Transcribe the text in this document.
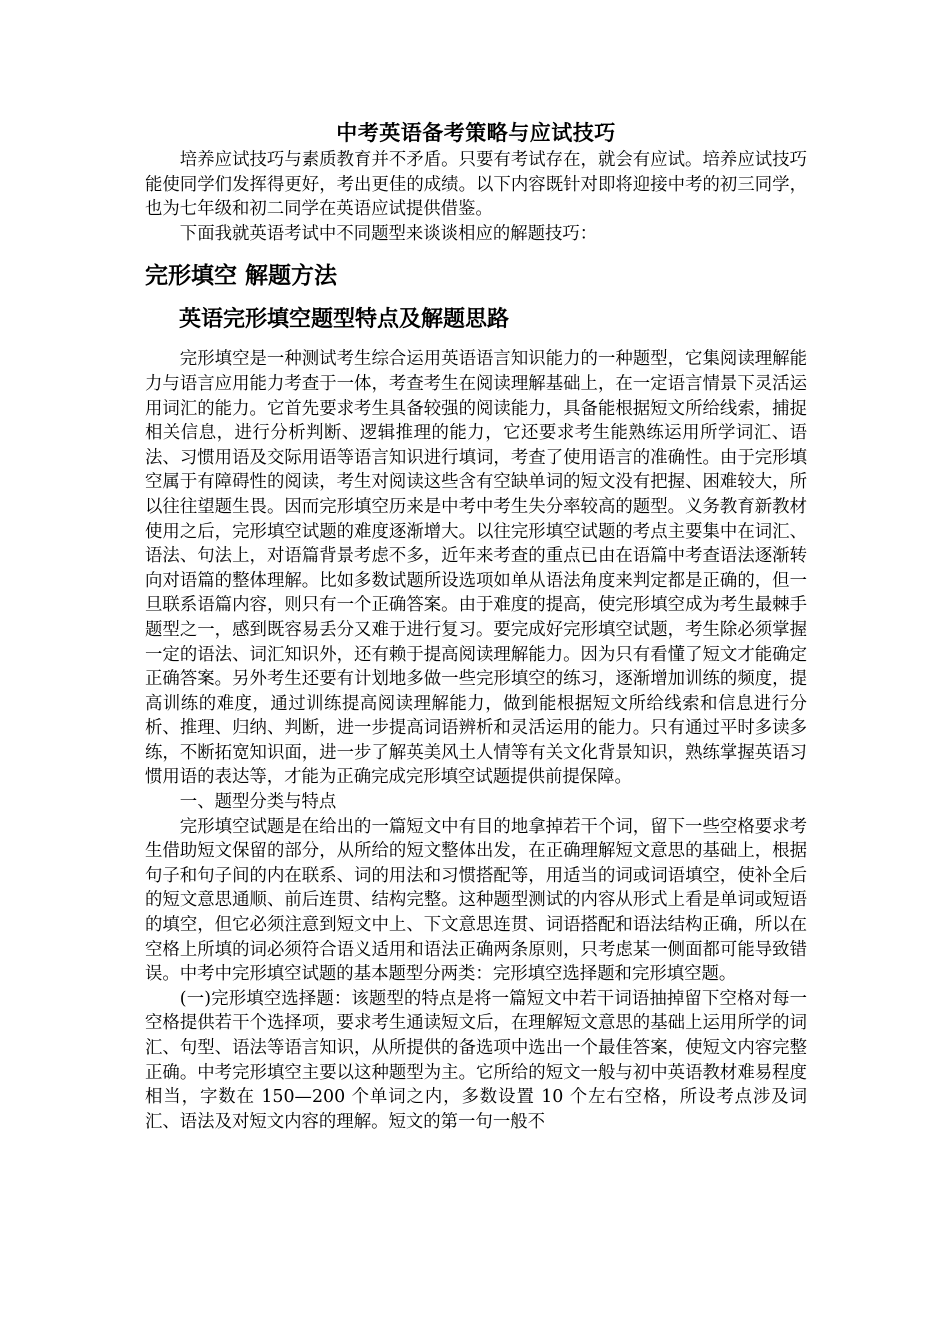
中考英语备考策略与应试技巧

培养应试技巧与素质教育并不矛盾。只要有考试存在，就会有应试。培养应试技巧能使同学们发挥得更好，考出更佳的成绩。以下内容既针对即将迎接中考的初三同学，也为七年级和初二同学在英语应试提供借鉴。

下面我就英语考试中不同题型来谈谈相应的解题技巧：

完形填空 解题方法
英语完形填空题型特点及解题思路

完形填空是一种测试考生综合运用英语语言知识能力的一种题型，它集阅读理解能力与语言应用能力考查于一体，考查考生在阅读理解基础上，在一定语言情景下灵活运用词汇的能力。它首先要求考生具备较强的阅读能力，具备能根据短文所给线索，捕捉相关信息，进行分析判断、逻辑推理的能力，它还要求考生能熟练运用所学词汇、语法、习惯用语及交际用语等语言知识进行填词，考查了使用语言的准确性。由于完形填空属于有障碍性的阅读，考生对阅读这些含有空缺单词的短文没有把握、困难较大，所以往往望题生畏。因而完形填空历来是中考中考生失分率较高的题型。义务教育新教材使用之后，完形填空试题的难度逐渐增大。以往完形填空试题的考点主要集中在词汇、语法、句法上，对语篇背景考虑不多，近年来考查的重点已由在语篇中考查语法逐渐转向对语篇的整体理解。比如多数试题所设选项如单从语法角度来判定都是正确的，但一旦联系语篇内容，则只有一个正确答案。由于难度的提高，使完形填空成为考生最棘手题型之一，感到既容易丢分又难于进行复习。要完成好完形填空试题，考生除必须掌握一定的语法、词汇知识外，还有赖于提高阅读理解能力。因为只有看懂了短文才能确定正确答案。另外考生还要有计划地多做一些完形填空的练习，逐渐增加训练的频度，提高训练的难度，通过训练提高阅读理解能力，做到能根据短文所给线索和信息进行分析、推理、归纳、判断，进一步提高词语辨析和灵活运用的能力。只有通过平时多读多练，不断拓宽知识面，进一步了解英美风土人情等有关文化背景知识，熟练掌握英语习惯用语的表达等，才能为正确完成完形填空试题提供前提保障。

一、题型分类与特点

完形填空试题是在给出的一篇短文中有目的地拿掉若干个词，留下一些空格要求考生借助短文保留的部分，从所给的短文整体出发，在正确理解短文意思的基础上，根据句子和句子间的内在联系、词的用法和习惯搭配等，用适当的词或词语填空，使补全后的短文意思通顺、前后连贯、结构完整。这种题型测试的内容从形式上看是单词或短语的填空，但它必须注意到短文中上、下文意思连贯、词语搭配和语法结构正确，所以在空格上所填的词必须符合语义适用和语法正确两条原则，只考虑某一侧面都可能导致错误。中考中完形填空试题的基本题型分两类：完形填空选择题和完形填空题。

(一)完形填空选择题：该题型的特点是将一篇短文中若干词语抽掉留下空格对每一空格提供若干个选择项，要求考生通读短文后，在理解短文意思的基础上运用所学的词汇、句型、语法等语言知识，从所提供的备选项中选出一个最佳答案，使短文内容完整正确。中考完形填空主要以这种题型为主。它所给的短文一般与初中英语教材难易程度相当，字数在 150—200 个单词之内，多数设置 10 个左右空格，所设考点涉及词汇、语法及对短文内容的理解。短文的第一句一般不
